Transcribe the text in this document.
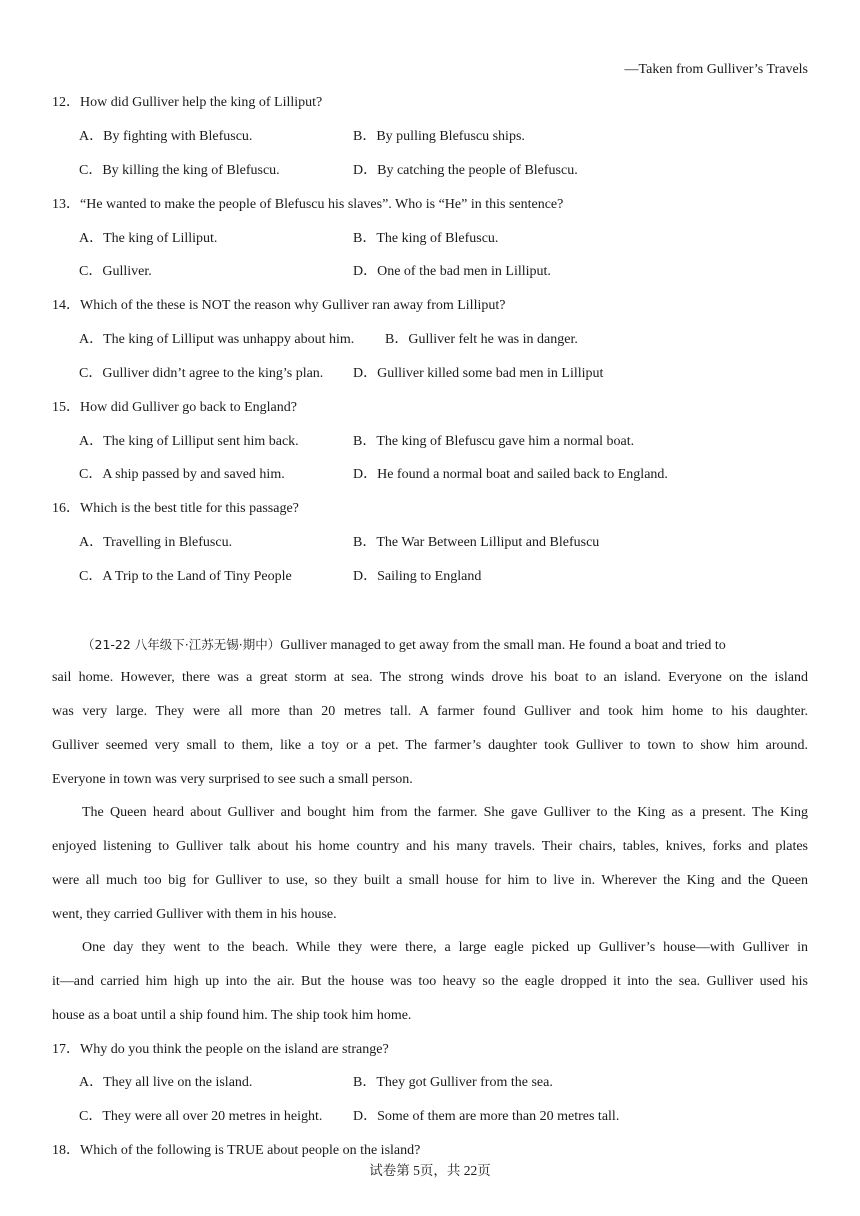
—Taken from Gulliver’s Travels
12．How did Gulliver help the king of Lilliput?
A．By fighting with Blefuscu.	B．By pulling Blefuscu ships.
C．By killing the king of Blefuscu.	D．By catching the people of Blefuscu.
13．“He wanted to make the people of Blefuscu his slaves”. Who is “He” in this sentence?
A．The king of Lilliput.	B．The king of Blefuscu.
C．Gulliver.	D．One of the bad men in Lilliput.
14．Which of the these is NOT the reason why Gulliver ran away from Lilliput?
A．The king of Lilliput was unhappy about him. B．Gulliver felt he was in danger.
C．Gulliver didn’t agree to the king’s plan. D．Gulliver killed some bad men in Lilliput
15．How did Gulliver go back to England?
A．The king of Lilliput sent him back.	B．The king of Blefuscu gave him a normal boat.
C．A ship passed by and saved him.	D．He found a normal boat and sailed back to England.
16．Which is the best title for this passage?
A．Travelling in Blefuscu.	B．The War Between Lilliput and Blefuscu
C．A Trip to the Land of Tiny People	D．Sailing to England
（21-22 八年级下·江苏无锡·期中）Gulliver managed to get away from the small man. He found a boat and tried to
sail home. However, there was a great storm at sea. The strong winds drove his boat to an island. Everyone on the island
was very large. They were all more than 20 metres tall. A farmer found Gulliver and took him home to his daughter.
Gulliver seemed very small to them, like a toy or a pet. The farmer’s daughter took Gulliver to town to show him around.
Everyone in town was very surprised to see such a small person.
The Queen heard about Gulliver and bought him from the farmer. She gave Gulliver to the King as a present. The King
enjoyed listening to Gulliver talk about his home country and his many travels. Their chairs, tables, knives, forks and plates
were all much too big for Gulliver to use, so they built a small house for him to live in. Wherever the King and the Queen
went, they carried Gulliver with them in his house.
One day they went to the beach. While they were there, a large eagle picked up Gulliver’s house—with Gulliver in
it—and carried him high up into the air. But the house was too heavy so the eagle dropped it into the sea. Gulliver used his
house as a boat until a ship found him. The ship took him home.
17．Why do you think the people on the island are strange?
A．They all live on the island.	B．They got Gulliver from the sea.
C．They were all over 20 metres in height. D．Some of them are more than 20 metres tall.
18．Which of the following is TRUE about people on the island?
试卷第 5页，共 22页
